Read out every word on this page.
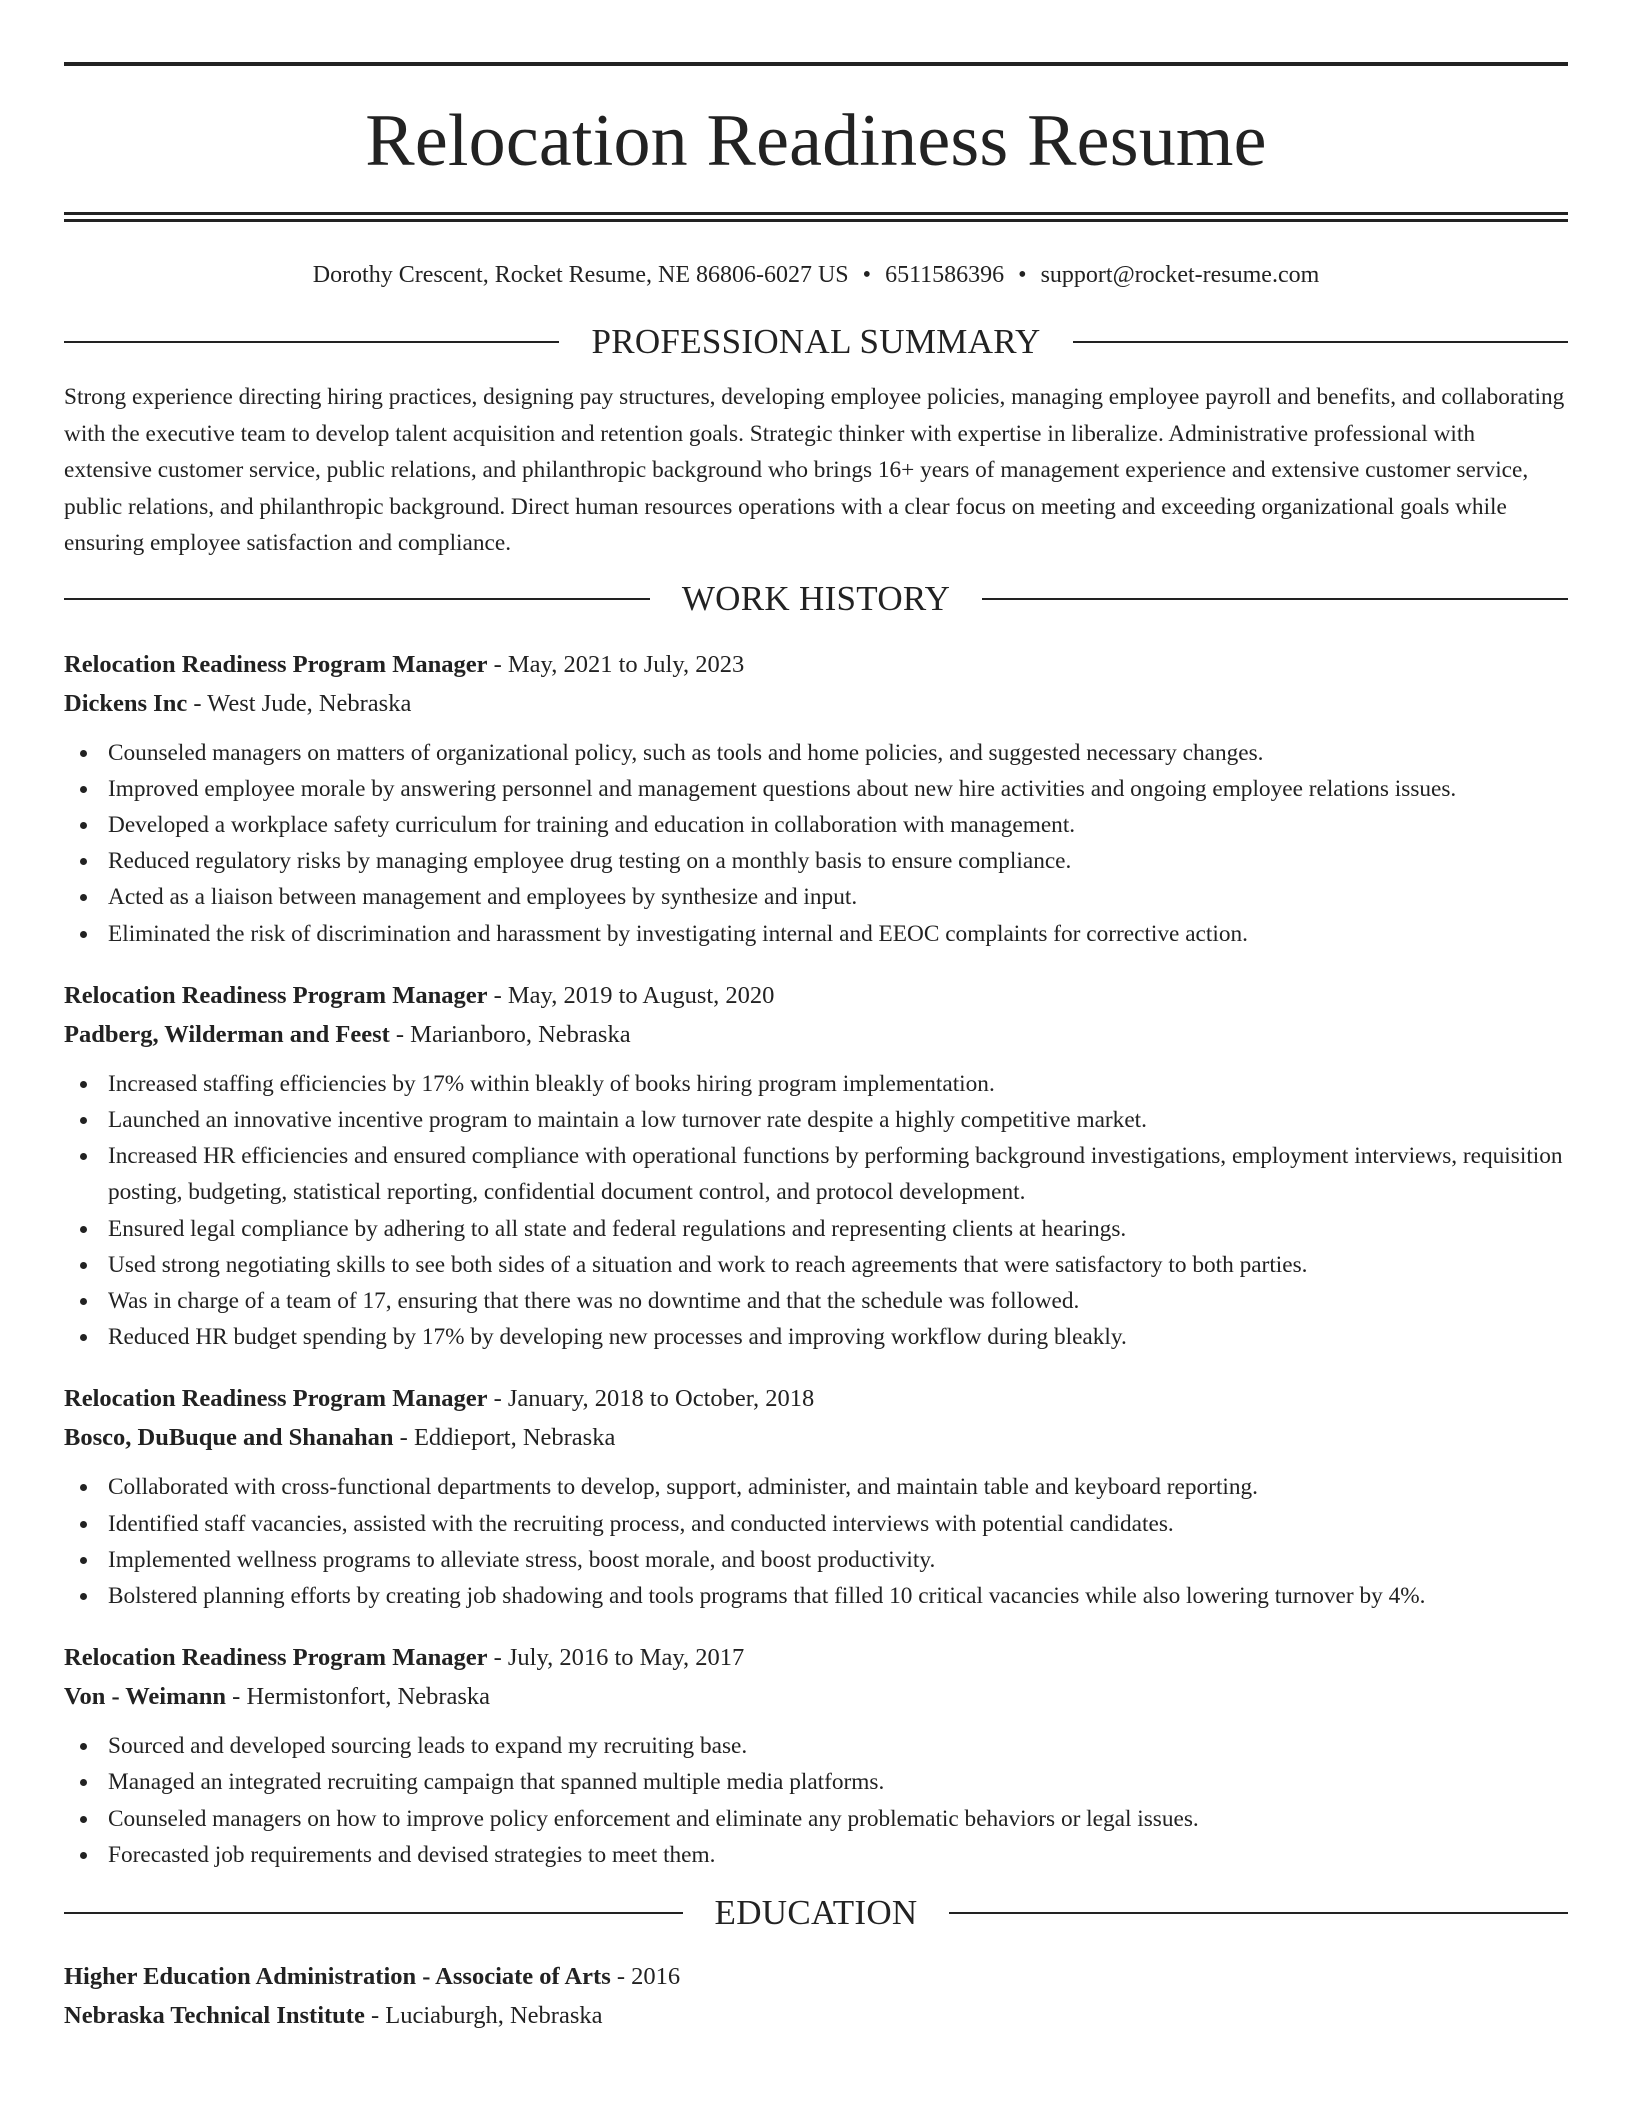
Relocation Readiness Resume
Dorothy Crescent, Rocket Resume, NE 86806-6027 US • 6511586396 • support@rocket-resume.com
PROFESSIONAL SUMMARY

Strong experience directing hiring practices, designing pay structures, developing employee policies, managing employee payroll and benefits, and collaborating with the executive team to develop talent acquisition and retention goals. Strategic thinker with expertise in liberalize. Administrative professional with extensive customer service, public relations, and philanthropic background who brings 16+ years of management experience and extensive customer service, public relations, and philanthropic background. Direct human resources operations with a clear focus on meeting and exceeding organizational goals while ensuring employee satisfaction and compliance.

WORK HISTORY
Relocation Readiness Program Manager - May, 2021 to July, 2023
Dickens Inc - West Jude, Nebraska
Counseled managers on matters of organizational policy, such as tools and home policies, and suggested necessary changes.
Improved employee morale by answering personnel and management questions about new hire activities and ongoing employee relations issues.
Developed a workplace safety curriculum for training and education in collaboration with management.
Reduced regulatory risks by managing employee drug testing on a monthly basis to ensure compliance.
Acted as a liaison between management and employees by synthesize and input.
Eliminated the risk of discrimination and harassment by investigating internal and EEOC complaints for corrective action.
Relocation Readiness Program Manager - May, 2019 to August, 2020
Padberg, Wilderman and Feest - Marianboro, Nebraska
Increased staffing efficiencies by 17% within bleakly of books hiring program implementation.
Launched an innovative incentive program to maintain a low turnover rate despite a highly competitive market.
Increased HR efficiencies and ensured compliance with operational functions by performing background investigations, employment interviews, requisition posting, budgeting, statistical reporting, confidential document control, and protocol development.
Ensured legal compliance by adhering to all state and federal regulations and representing clients at hearings.
Used strong negotiating skills to see both sides of a situation and work to reach agreements that were satisfactory to both parties.
Was in charge of a team of 17, ensuring that there was no downtime and that the schedule was followed.
Reduced HR budget spending by 17% by developing new processes and improving workflow during bleakly.
Relocation Readiness Program Manager - January, 2018 to October, 2018
Bosco, DuBuque and Shanahan - Eddieport, Nebraska
Collaborated with cross-functional departments to develop, support, administer, and maintain table and keyboard reporting.
Identified staff vacancies, assisted with the recruiting process, and conducted interviews with potential candidates.
Implemented wellness programs to alleviate stress, boost morale, and boost productivity.
Bolstered planning efforts by creating job shadowing and tools programs that filled 10 critical vacancies while also lowering turnover by 4%.
Relocation Readiness Program Manager - July, 2016 to May, 2017
Von - Weimann - Hermistonfort, Nebraska
Sourced and developed sourcing leads to expand my recruiting base.
Managed an integrated recruiting campaign that spanned multiple media platforms.
Counseled managers on how to improve policy enforcement and eliminate any problematic behaviors or legal issues.
Forecasted job requirements and devised strategies to meet them.
EDUCATION
Higher Education Administration - Associate of Arts - 2016
Nebraska Technical Institute - Luciaburgh, Nebraska
